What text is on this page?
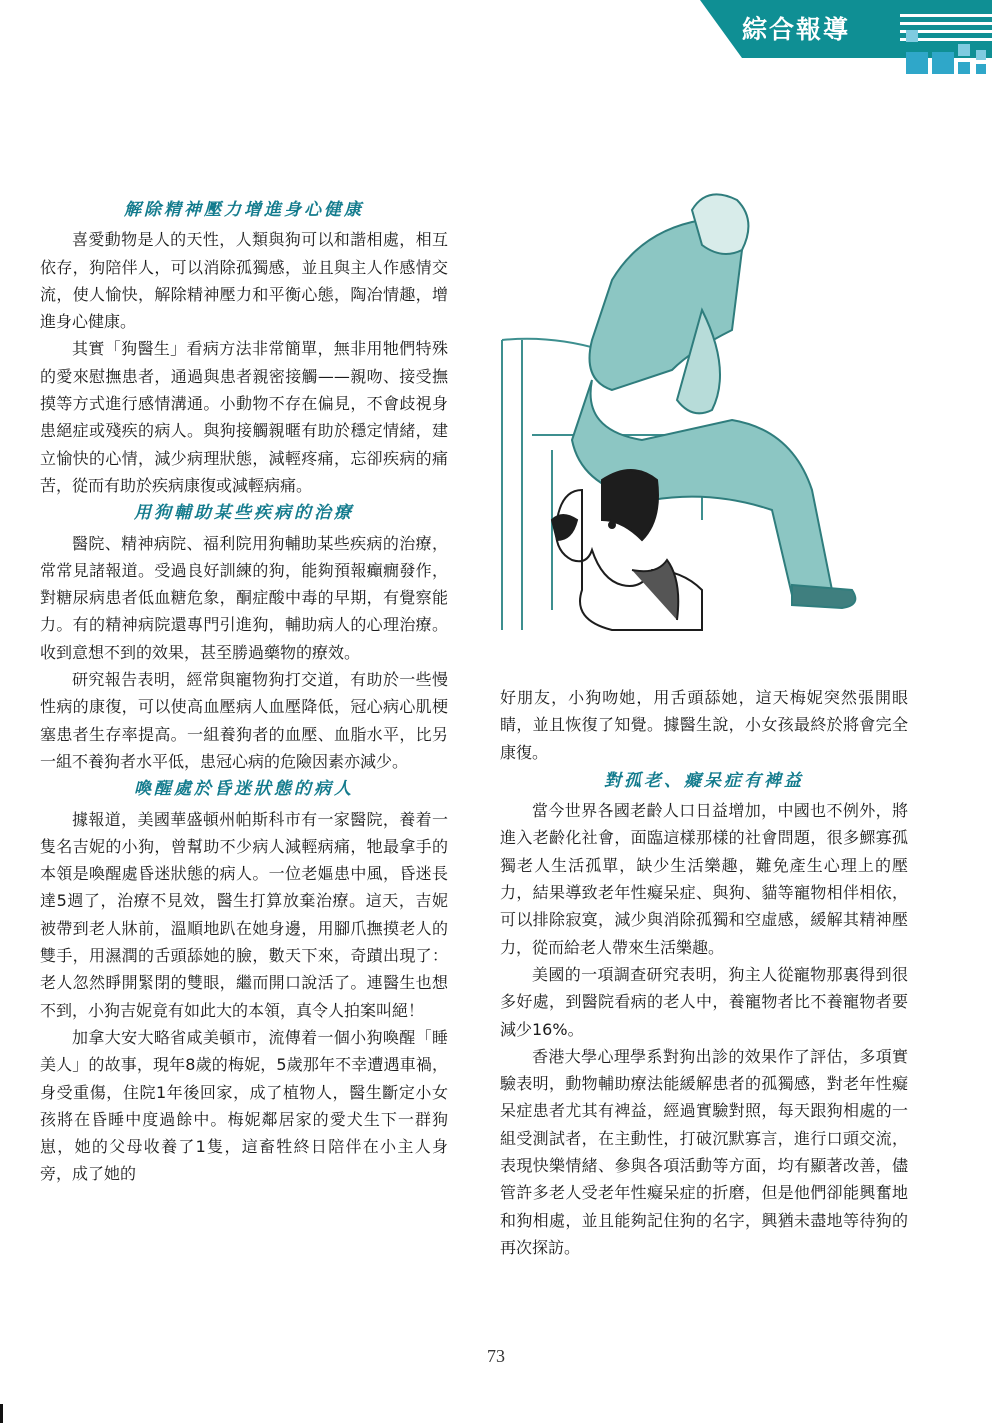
綜合報導
解除精神壓力增進身心健康

喜愛動物是人的天性，人類與狗可以和諧相處，相互依存，狗陪伴人，可以消除孤獨感，並且與主人作感情交流，使人愉快，解除精神壓力和平衡心態，陶冶情趣，增進身心健康。

其實「狗醫生」看病方法非常簡單，無非用牠們特殊的愛來慰撫患者，通過與患者親密接觸——親吻、接受撫摸等方式進行感情溝通。小動物不存在偏見，不會歧視身患絕症或殘疾的病人。與狗接觸親暱有助於穩定情緒，建立愉快的心情，減少病理狀態，減輕疼痛，忘卻疾病的痛苦，從而有助於疾病康復或減輕病痛。

用狗輔助某些疾病的治療

醫院、精神病院、福利院用狗輔助某些疾病的治療，常常見諸報道。受過良好訓練的狗，能夠預報癲癇發作，對糖尿病患者低血糖危象，酮症酸中毒的早期，有覺察能力。有的精神病院還專門引進狗，輔助病人的心理治療。收到意想不到的效果，甚至勝過藥物的療效。

研究報告表明，經常與寵物狗打交道，有助於一些慢性病的康復，可以使高血壓病人血壓降低，冠心病心肌梗塞患者生存率提高。一組養狗者的血壓、血脂水平，比另一組不養狗者水平低，患冠心病的危險因素亦減少。

喚醒處於昏迷狀態的病人

據報道，美國華盛頓州帕斯科市有一家醫院，養着一隻名吉妮的小狗，曾幫助不少病人減輕病痛，牠最拿手的本領是喚醒處昏迷狀態的病人。一位老嫗患中風，昏迷長達5週了，治療不見效，醫生打算放棄治療。這天，吉妮被帶到老人牀前，溫順地趴在她身邊，用腳爪撫摸老人的雙手，用濕潤的舌頭舔她的臉，數天下來，奇蹟出現了：老人忽然睜開緊閉的雙眼，繼而開口說活了。連醫生也想不到，小狗吉妮竟有如此大的本領，真令人拍案叫絕！

加拿大安大略省咸美頓市，流傳着一個小狗喚醒「睡美人」的故事，現年8歲的梅妮，5歲那年不幸遭遇車禍，身受重傷，住院1年後回家，成了植物人，醫生斷定小女孩將在昏睡中度過餘中。梅妮鄰居家的愛犬生下一群狗崽，她的父母收養了1隻，這畜牲終日陪伴在小主人身旁，成了她的

好朋友，小狗吻她，用舌頭舔她，這天梅妮突然張開眼睛，並且恢復了知覺。據醫生說，小女孩最終於將會完全康復。

對孤老、癡呆症有裨益

當今世界各國老齡人口日益增加，中國也不例外，將進入老齡化社會，面臨這樣那樣的社會問題，很多鰥寡孤獨老人生活孤單，缺少生活樂趣，難免產生心理上的壓力，結果導致老年性癡呆症、與狗、貓等寵物相伴相依，可以排除寂寞，減少與消除孤獨和空虛感，緩解其精神壓力，從而給老人帶來生活樂趣。

美國的一項調查研究表明，狗主人從寵物那裏得到很多好處，到醫院看病的老人中，養寵物者比不養寵物者要減少16%。

香港大學心理學系對狗出診的效果作了評估，多項實驗表明，動物輔助療法能緩解患者的孤獨感，對老年性癡呆症患者尤其有裨益，經過實驗對照，每天跟狗相處的一組受測試者，在主動性，打破沉默寡言，進行口頭交流，表現快樂情緒、參與各項活動等方面，均有顯著改善，儘管許多老人受老年性癡呆症的折磨，但是他們卻能興奮地和狗相處，並且能夠記住狗的名字，興猶未盡地等待狗的再次探訪。

73
